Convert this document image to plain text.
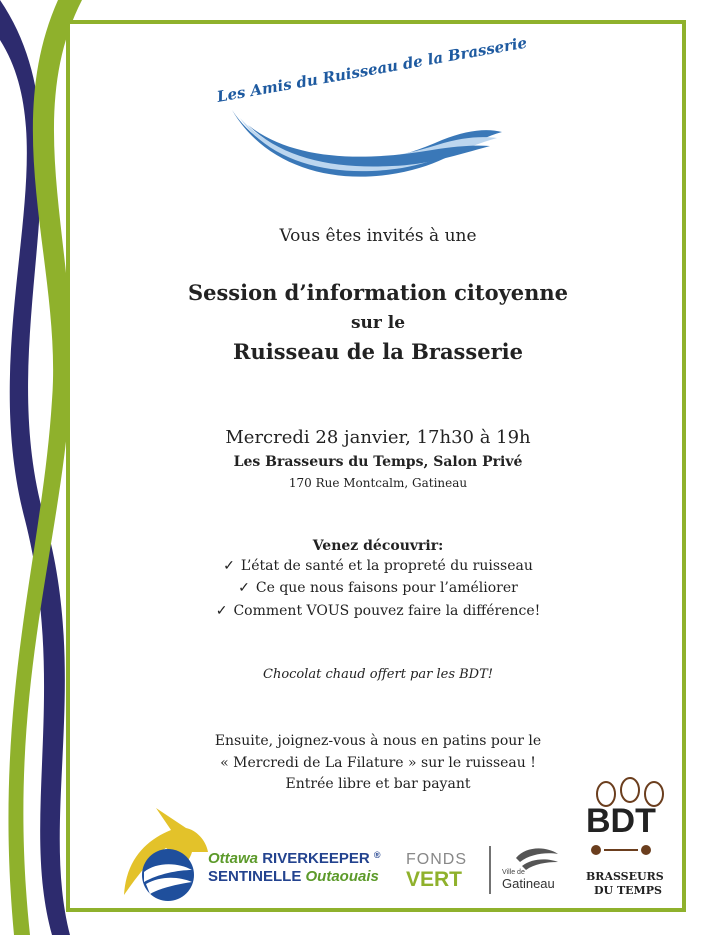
Les Amis du Ruisseau de la Brasserie
Vous êtes invités à une
Session d’information citoyenne
sur le
Ruisseau de la Brasserie
Mercredi 28 janvier, 17h30 à 19h
Les Brasseurs du Temps, Salon Privé
170 Rue Montcalm, Gatineau
Venez découvrir:
✓ L’état de santé et la propreté du ruisseau
✓ Ce que nous faisons pour l’améliorer
✓ Comment VOUS pouvez faire la différence!
Chocolat chaud offert par les BDT!
Ensuite, joignez-vous à nous en patins pour le
« Mercredi de La Filature » sur le ruisseau !
Entrée libre et bar payant
Ottawa RIVERKEEPER ®
SENTINELLE Outaouais
FONDS
VERT	Ville de
Gatineau
BDT
BRASSEURS
DU TEMPS
